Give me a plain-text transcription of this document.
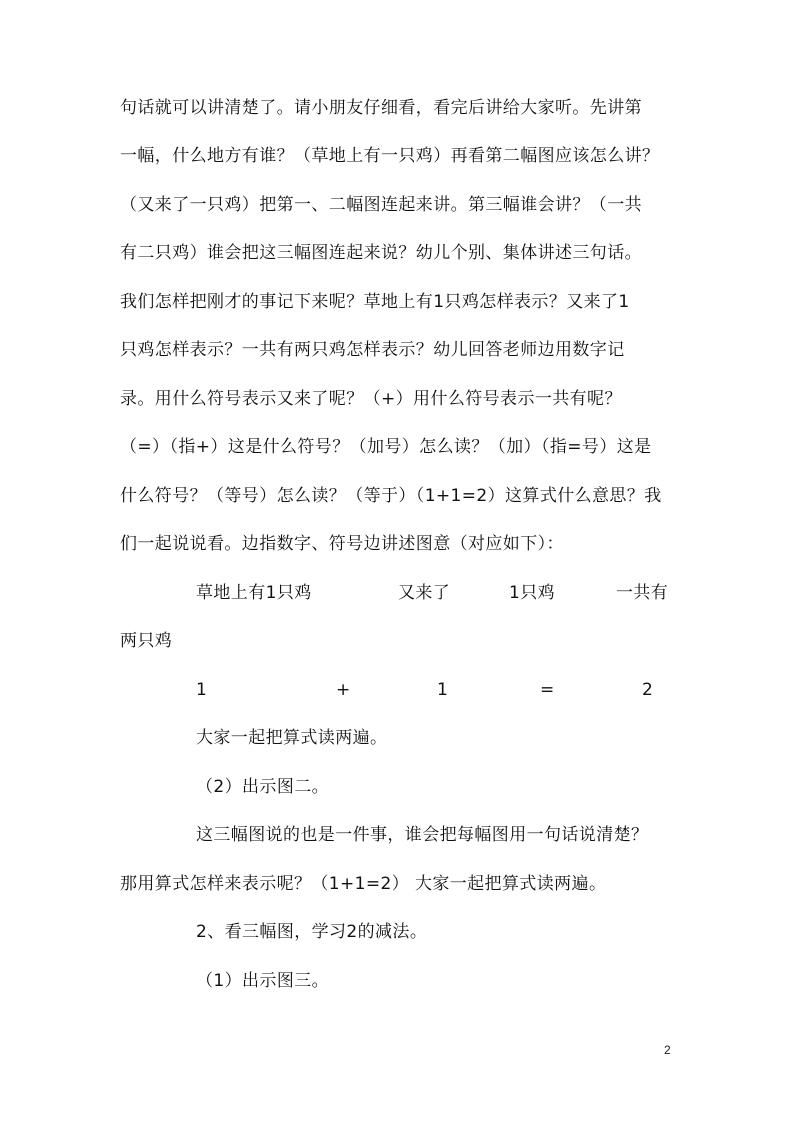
句话就可以讲清楚了。请小朋友仔细看，看完后讲给大家听。先讲第
一幅，什么地方有谁？（草地上有一只鸡）再看第二幅图应该怎么讲？
（又来了一只鸡）把第一、二幅图连起来讲。第三幅谁会讲？（一共
有二只鸡）谁会把这三幅图连起来说？幼儿个别、集体讲述三句话。
我们怎样把刚才的事记下来呢？草地上有1只鸡怎样表示？又来了1
只鸡怎样表示？一共有两只鸡怎样表示？幼儿回答老师边用数字记
录。用什么符号表示又来了呢？（+）用什么符号表示一共有呢？
（=）（指+）这是什么符号？（加号）怎么读？（加）（指=号）这是
什么符号？（等号）怎么读？（等于）（1+1=2）这算式什么意思？我
们一起说说看。边指数字、符号边讲述图意（对应如下）：
草地上有1只鸡	又来了	1只鸡	一共有
两只鸡
1	+	1	=	2
大家一起把算式读两遍。
（2）出示图二。
这三幅图说的也是一件事，谁会把每幅图用一句话说清楚？
那用算式怎样来表示呢？（1+1=2） 大家一起把算式读两遍。
2、看三幅图，学习2的减法。
（1）出示图三。
2
